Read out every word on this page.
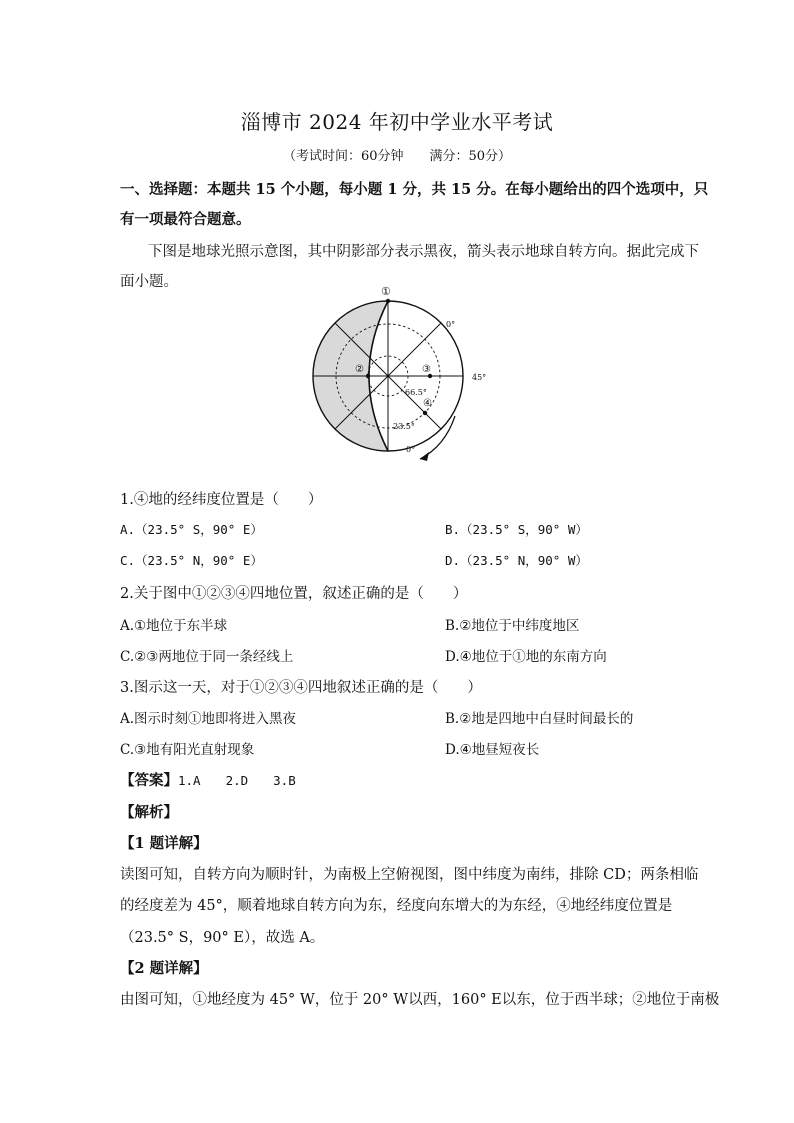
淄博市 2024 年初中学业水平考试
（考试时间：60分钟　　满分：50分）
一、选择题：本题共 15 个小题，每小题 1 分，共 15 分。在每小题给出的四个选项中，只
有一项最符合题意。
下图是地球光照示意图，其中阴影部分表示黑夜，箭头表示地球自转方向。据此完成下
面小题。
①
②	③
④
0°
45°
66.5°
23.5°
0°
1.④地的经纬度位置是（　　）
A.（23.5° S，90° E）	B.（23.5° S，90° W）
C.（23.5° N，90° E）	D.（23.5° N，90° W）
2.关于图中①②③④四地位置，叙述正确的是（　　）
A.①地位于东半球	B.②地位于中纬度地区
C.②③两地位于同一条经线上	D.④地位于①地的东南方向
3.图示这一天，对于①②③④四地叙述正确的是（　　）
A.图示时刻①地即将进入黑夜	B.②地是四地中白昼时间最长的
C.③地有阳光直射现象	D.④地昼短夜长
【答案】1.A　　2.D　　3.B
【解析】
【1 题详解】
读图可知，自转方向为顺时针，为南极上空俯视图，图中纬度为南纬，排除 CD；两条相临
的经度差为 45°，顺着地球自转方向为东，经度向东增大的为东经，④地经纬度位置是
（23.5° S，90° E），故选 A。
【2 题详解】
由图可知，①地经度为 45° W，位于 20° W以西，160° E以东，位于西半球；②地位于南极
